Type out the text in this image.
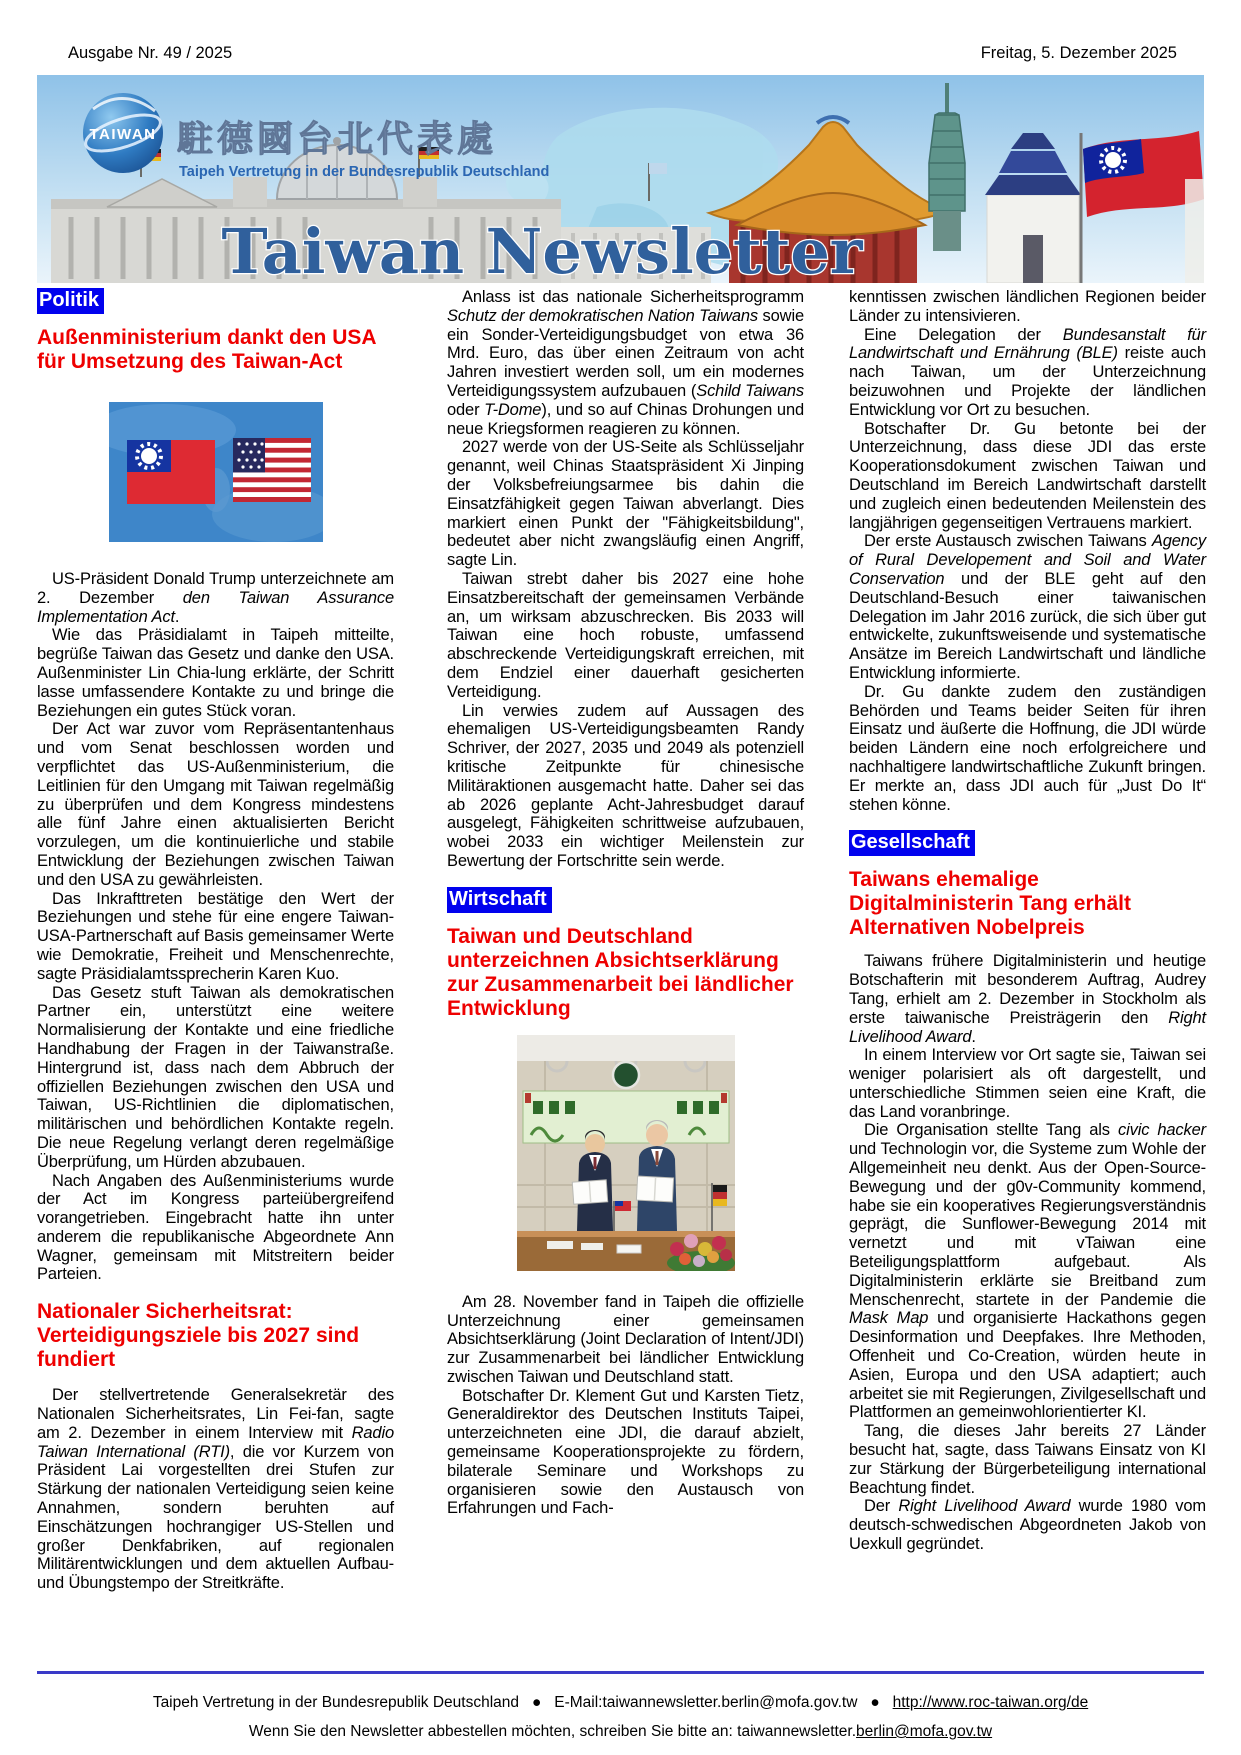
Ausgabe Nr. 49 / 2025	Freitag, 5. Dezember 2025
TAIWAN 駐德國台北代表處
Taipeh Vertretung in der Bundesrepublik Deutschland
Taiwan Newsletter
Politik
Außenministerium dankt den USA für Umsetzung des Taiwan-Act

US-Präsident Donald Trump unterzeichnete am 2. Dezember den Taiwan Assurance Implementation Act.

Wie das Präsidialamt in Taipeh mitteilte, begrüße Taiwan das Gesetz und danke den USA. Außenminister Lin Chia-lung erklärte, der Schritt lasse umfassendere Kontakte zu und bringe die Beziehungen ein gutes Stück voran.

Der Act war zuvor vom Repräsentantenhaus und vom Senat beschlossen worden und verpflichtet das US-Außenministerium, die Leitlinien für den Umgang mit Taiwan regelmäßig zu überprüfen und dem Kongress mindestens alle fünf Jahre einen aktualisierten Bericht vorzulegen, um die kontinuierliche und stabile Entwicklung der Beziehungen zwischen Taiwan und den USA zu gewährleisten.

Das Inkrafttreten bestätige den Wert der Beziehungen und stehe für eine engere Taiwan-USA-Partnerschaft auf Basis gemeinsamer Werte wie Demokratie, Freiheit und Menschenrechte, sagte Präsidialamtssprecherin Karen Kuo.

Das Gesetz stuft Taiwan als demokratischen Partner ein, unterstützt eine weitere Normalisierung der Kontakte und eine friedliche Handhabung der Fragen in der Taiwanstraße. Hintergrund ist, dass nach dem Abbruch der offiziellen Beziehungen zwischen den USA und Taiwan, US-Richtlinien die diplomatischen, militärischen und behördlichen Kontakte regeln. Die neue Regelung verlangt deren regelmäßige Überprüfung, um Hürden abzubauen.

Nach Angaben des Außenministeriums wurde der Act im Kongress parteiübergreifend vorangetrieben. Eingebracht hatte ihn unter anderem die republikanische Abgeordnete Ann Wagner, gemeinsam mit Mitstreitern beider Parteien.

Nationaler Sicherheitsrat: Verteidigungsziele bis 2027 sind fundiert

Der stellvertretende Generalsekretär des Nationalen Sicherheitsrates, Lin Fei-fan, sagte am 2. Dezember in einem Interview mit Radio Taiwan International (RTI), die vor Kurzem von Präsident Lai vorgestellten drei Stufen zur Stärkung der nationalen Verteidigung seien keine Annahmen, sondern beruhten auf Einschätzungen hochrangiger US-Stellen und großer Denkfabriken, auf regionalen Militärentwicklungen und dem aktuellen Aufbau- und Übungstempo der Streitkräfte.

Anlass ist das nationale Sicherheitsprogramm Schutz der demokratischen Nation Taiwans sowie ein Sonder-Verteidigungsbudget von etwa 36 Mrd. Euro, das über einen Zeitraum von acht Jahren investiert werden soll, um ein modernes Verteidigungssystem aufzubauen (Schild Taiwans oder T-Dome), und so auf Chinas Drohungen und neue Kriegsformen reagieren zu können.

2027 werde von der US-Seite als Schlüsseljahr genannt, weil Chinas Staatspräsident Xi Jinping der Volksbefreiungsarmee bis dahin die Einsatzfähigkeit gegen Taiwan abverlangt. Dies markiert einen Punkt der "Fähigkeitsbildung", bedeutet aber nicht zwangsläufig einen Angriff, sagte Lin.

Taiwan strebt daher bis 2027 eine hohe Einsatzbereitschaft der gemeinsamen Verbände an, um wirksam abzuschrecken. Bis 2033 will Taiwan eine hoch robuste, umfassend abschreckende Verteidigungskraft erreichen, mit dem Endziel einer dauerhaft gesicherten Verteidigung.

Lin verwies zudem auf Aussagen des ehemaligen US-Verteidigungsbeamten Randy Schriver, der 2027, 2035 und 2049 als potenziell kritische Zeitpunkte für chinesische Militäraktionen ausgemacht hatte. Daher sei das ab 2026 geplante Acht-Jahresbudget darauf ausgelegt, Fähigkeiten schrittweise aufzubauen, wobei 2033 ein wichtiger Meilenstein zur Bewertung der Fortschritte sein werde.

Wirtschaft
Taiwan und Deutschland unterzeichnen Absichtserklärung zur Zusammenarbeit bei ländlicher Entwicklung

Am 28. November fand in Taipeh die offizielle Unterzeichnung einer gemeinsamen Absichtserklärung (Joint Declaration of Intent/JDI) zur Zusammenarbeit bei ländlicher Entwicklung zwischen Taiwan und Deutschland statt.

Botschafter Dr. Klement Gut und Karsten Tietz, Generaldirektor des Deutschen Instituts Taipei, unterzeichneten eine JDI, die darauf abzielt, gemeinsame Kooperationsprojekte zu fördern, bilaterale Seminare und Workshops zu organisieren sowie den Austausch von Erfahrungen und Fach-

kenntissen zwischen ländlichen Regionen beider Länder zu intensivieren.

Eine Delegation der Bundesanstalt für Landwirtschaft und Ernährung (BLE) reiste auch nach Taiwan, um der Unterzeichnung beizuwohnen und Projekte der ländlichen Entwicklung vor Ort zu besuchen.

Botschafter Dr. Gu betonte bei der Unterzeichnung, dass diese JDI das erste Kooperationsdokument zwischen Taiwan und Deutschland im Bereich Landwirtschaft darstellt und zugleich einen bedeutenden Meilenstein des langjährigen gegenseitigen Vertrauens markiert.

Der erste Austausch zwischen Taiwans Agency of Rural Developement and Soil and Water Conservation und der BLE geht auf den Deutschland-Besuch einer taiwanischen Delegation im Jahr 2016 zurück, die sich über gut entwickelte, zukunftsweisende und systematische Ansätze im Bereich Landwirtschaft und ländliche Entwicklung informierte.

Dr. Gu dankte zudem den zuständigen Behörden und Teams beider Seiten für ihren Einsatz und äußerte die Hoffnung, die JDI würde beiden Ländern eine noch erfolgreichere und nachhaltigere landwirtschaftliche Zukunft bringen. Er merkte an, dass JDI auch für „Just Do It“ stehen könne.

Gesellschaft
Taiwans ehemalige Digitalministerin Tang erhält Alternativen Nobelpreis

Taiwans frühere Digitalministerin und heutige Botschafterin mit besonderem Auftrag, Audrey Tang, erhielt am 2. Dezember in Stockholm als erste taiwanische Preisträgerin den Right Livelihood Award.

In einem Interview vor Ort sagte sie, Taiwan sei weniger polarisiert als oft dargestellt, und unterschiedliche Stimmen seien eine Kraft, die das Land voranbringe.

Die Organisation stellte Tang als civic hacker und Technologin vor, die Systeme zum Wohle der Allgemeinheit neu denkt. Aus der Open-Source-Bewegung und der g0v-Community kommend, habe sie ein kooperatives Regierungsverständnis geprägt, die Sunflower-Bewegung 2014 mit vernetzt und mit vTaiwan eine Beteiligungsplattform aufgebaut. Als Digitalministerin erklärte sie Breitband zum Menschenrecht, startete in der Pandemie die Mask Map und organisierte Hackathons gegen Desinformation und Deepfakes. Ihre Methoden, Offenheit und Co-Creation, würden heute in Asien, Europa und den USA adaptiert; auch arbeitet sie mit Regierungen, Zivilgesellschaft und Plattformen an gemeinwohlorientierter KI.

Tang, die dieses Jahr bereits 27 Länder besucht hat, sagte, dass Taiwans Einsatz von KI zur Stärkung der Bürgerbeteiligung international Beachtung findet.

Der Right Livelihood Award wurde 1980 vom deutsch-schwedischen Abgeordneten Jakob von Uexkull gegründet.

Taipeh Vertretung in der Bundesrepublik Deutschland   ●   E-Mail:taiwannewsletter.berlin@mofa.gov.tw   ●   http://www.roc-taiwan.org/de
Wenn Sie den Newsletter abbestellen möchten, schreiben Sie bitte an: taiwannewsletter.berlin@mofa.gov.tw
